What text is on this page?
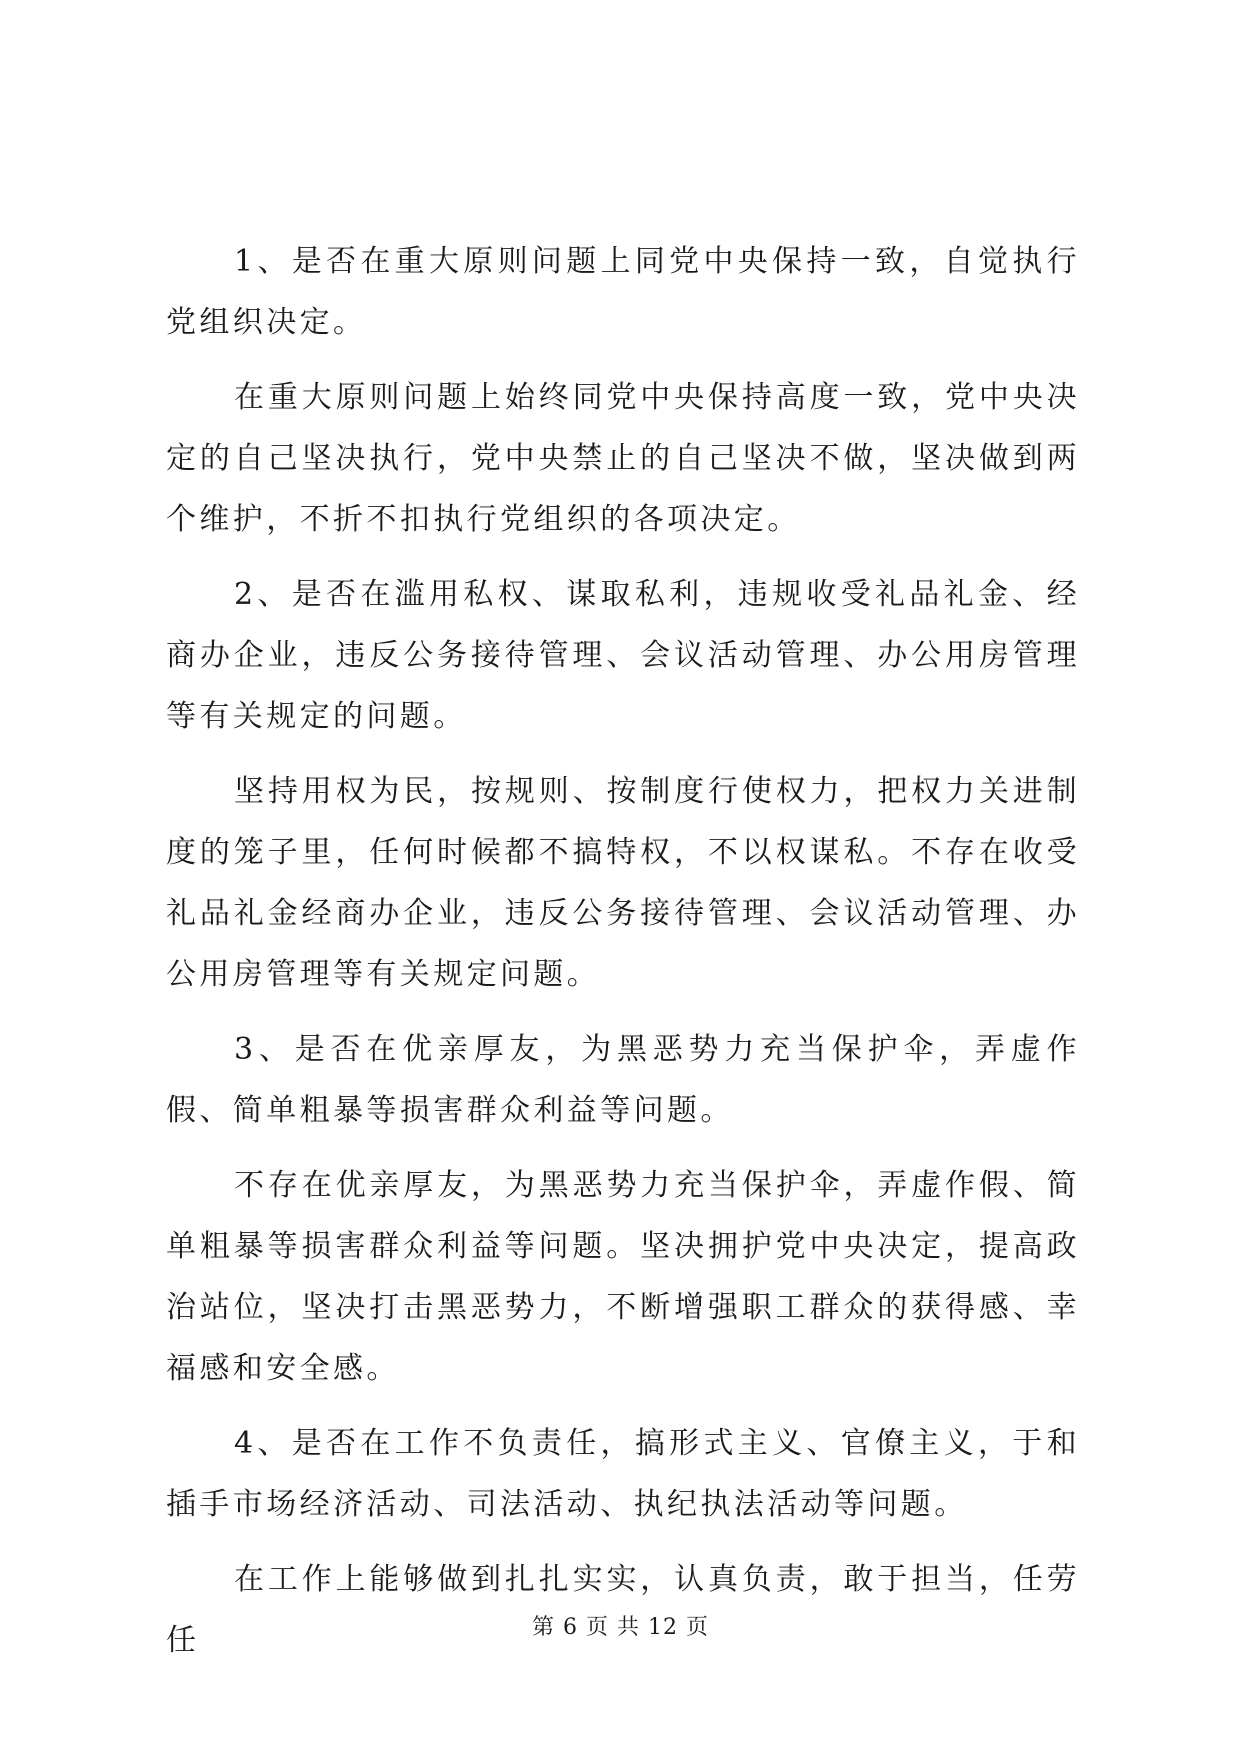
1、是否在重大原则问题上同党中央保持一致，自觉执行党组织决定。

在重大原则问题上始终同党中央保持高度一致，党中央决定的自己坚决执行，党中央禁止的自己坚决不做，坚决做到两个维护，不折不扣执行党组织的各项决定。

2、是否在滥用私权、谋取私利，违规收受礼品礼金、经商办企业，违反公务接待管理、会议活动管理、办公用房管理等有关规定的问题。

坚持用权为民，按规则、按制度行使权力，把权力关进制度的笼子里，任何时候都不搞特权，不以权谋私。不存在收受礼品礼金经商办企业，违反公务接待管理、会议活动管理、办公用房管理等有关规定问题。

3、是否在优亲厚友，为黑恶势力充当保护伞，弄虚作假、简单粗暴等损害群众利益等问题。

不存在优亲厚友，为黑恶势力充当保护伞，弄虚作假、简单粗暴等损害群众利益等问题。坚决拥护党中央决定，提高政治站位，坚决打击黑恶势力，不断增强职工群众的获得感、幸福感和安全感。

4、是否在工作不负责任，搞形式主义、官僚主义，于和插手市场经济活动、司法活动、执纪执法活动等问题。

在工作上能够做到扎扎实实，认真负责，敢于担当，任劳任	第 6 页 共 12 页
